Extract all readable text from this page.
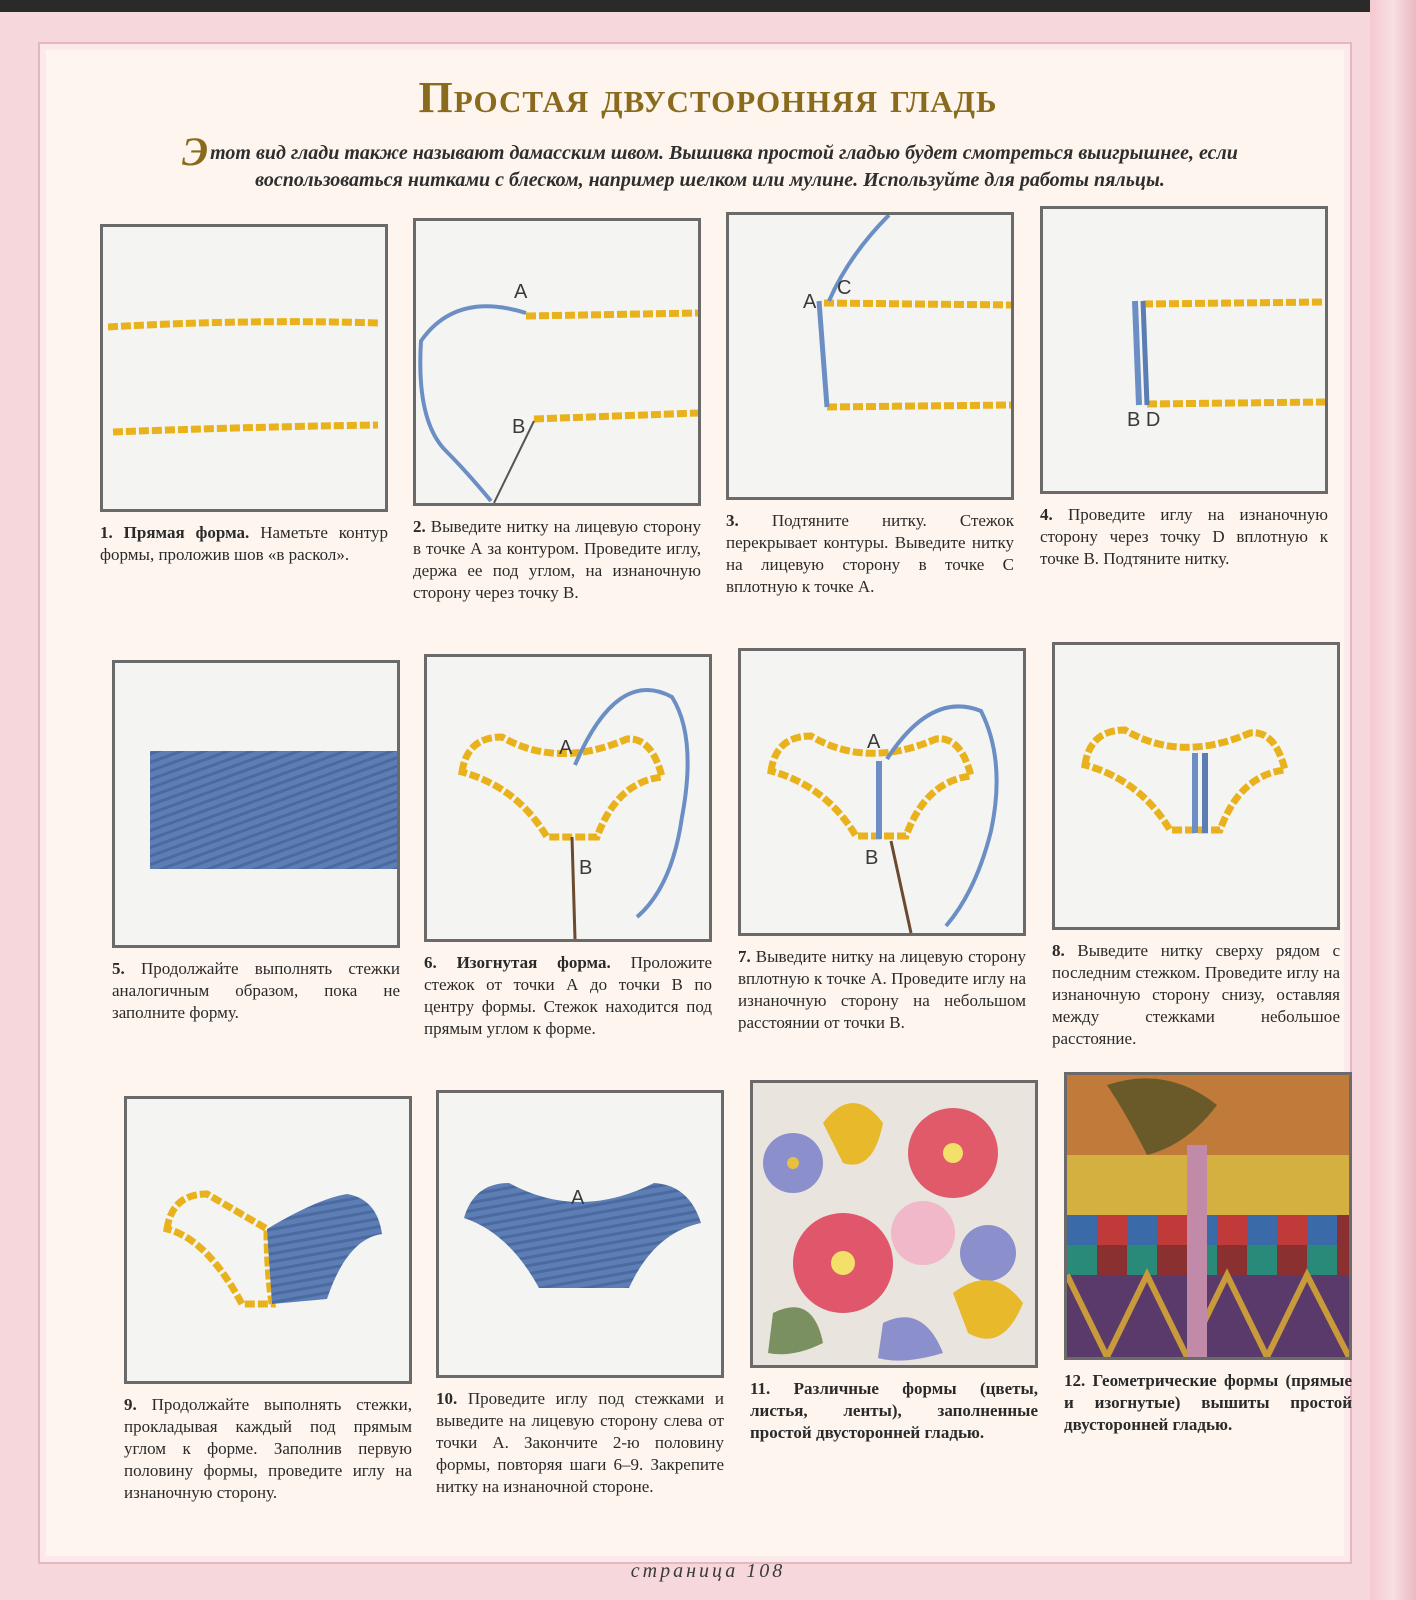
Простая двусторонняя гладь
Этот вид глади также называют дамасским швом. Вышивка простой гладью будет смотреться выигрышнее, если воспользоваться нитками с блеском, например шелком или мулине. Используйте для работы пяльцы.
1. Прямая форма. Наметьте контур формы, проложив шов «в раскол».
A
B
2. Выведите нитку на лицевую сторону в точке А за контуром. Проведите иглу, держа ее под углом, на изнаночную сторону через точку В.
A
C
3. Подтяните нитку. Стежок перекрывает контуры. Выведите нитку на лицевую сторону в точке С вплотную к точке А.
B D
4. Проведите иглу на изнаночную сторону через точку D вплотную к точке В. Подтяните нитку.
5. Продолжайте выполнять стежки аналогичным образом, пока не заполните форму.
A
B
6. Изогнутая форма. Проложите стежок от точки А до точки В по центру формы. Стежок находится под прямым углом к форме.
A
B
7. Выведите нитку на лицевую сторону вплотную к точке А. Проведите иглу на изнаночную сторону на небольшом расстоянии от точки В.
8. Выведите нитку сверху рядом с последним стежком. Проведите иглу на изнаночную сторону снизу, оставляя между стежками небольшое расстояние.
9. Продолжайте выполнять стежки, прокладывая каждый под прямым углом к форме. Заполнив первую половину формы, проведите иглу на изнаночную сторону.
A
10. Проведите иглу под стежками и выведите на лицевую сторону слева от точки А. Закончите 2-ю половину формы, повторяя шаги 6–9. Закрепите нитку на изнаночной стороне.
11. Различные формы (цветы, листья, ленты), заполненные простой двусторонней гладью.
12. Геометрические формы (прямые и изогнутые) вышиты простой двусторонней гладью.
страница 108
